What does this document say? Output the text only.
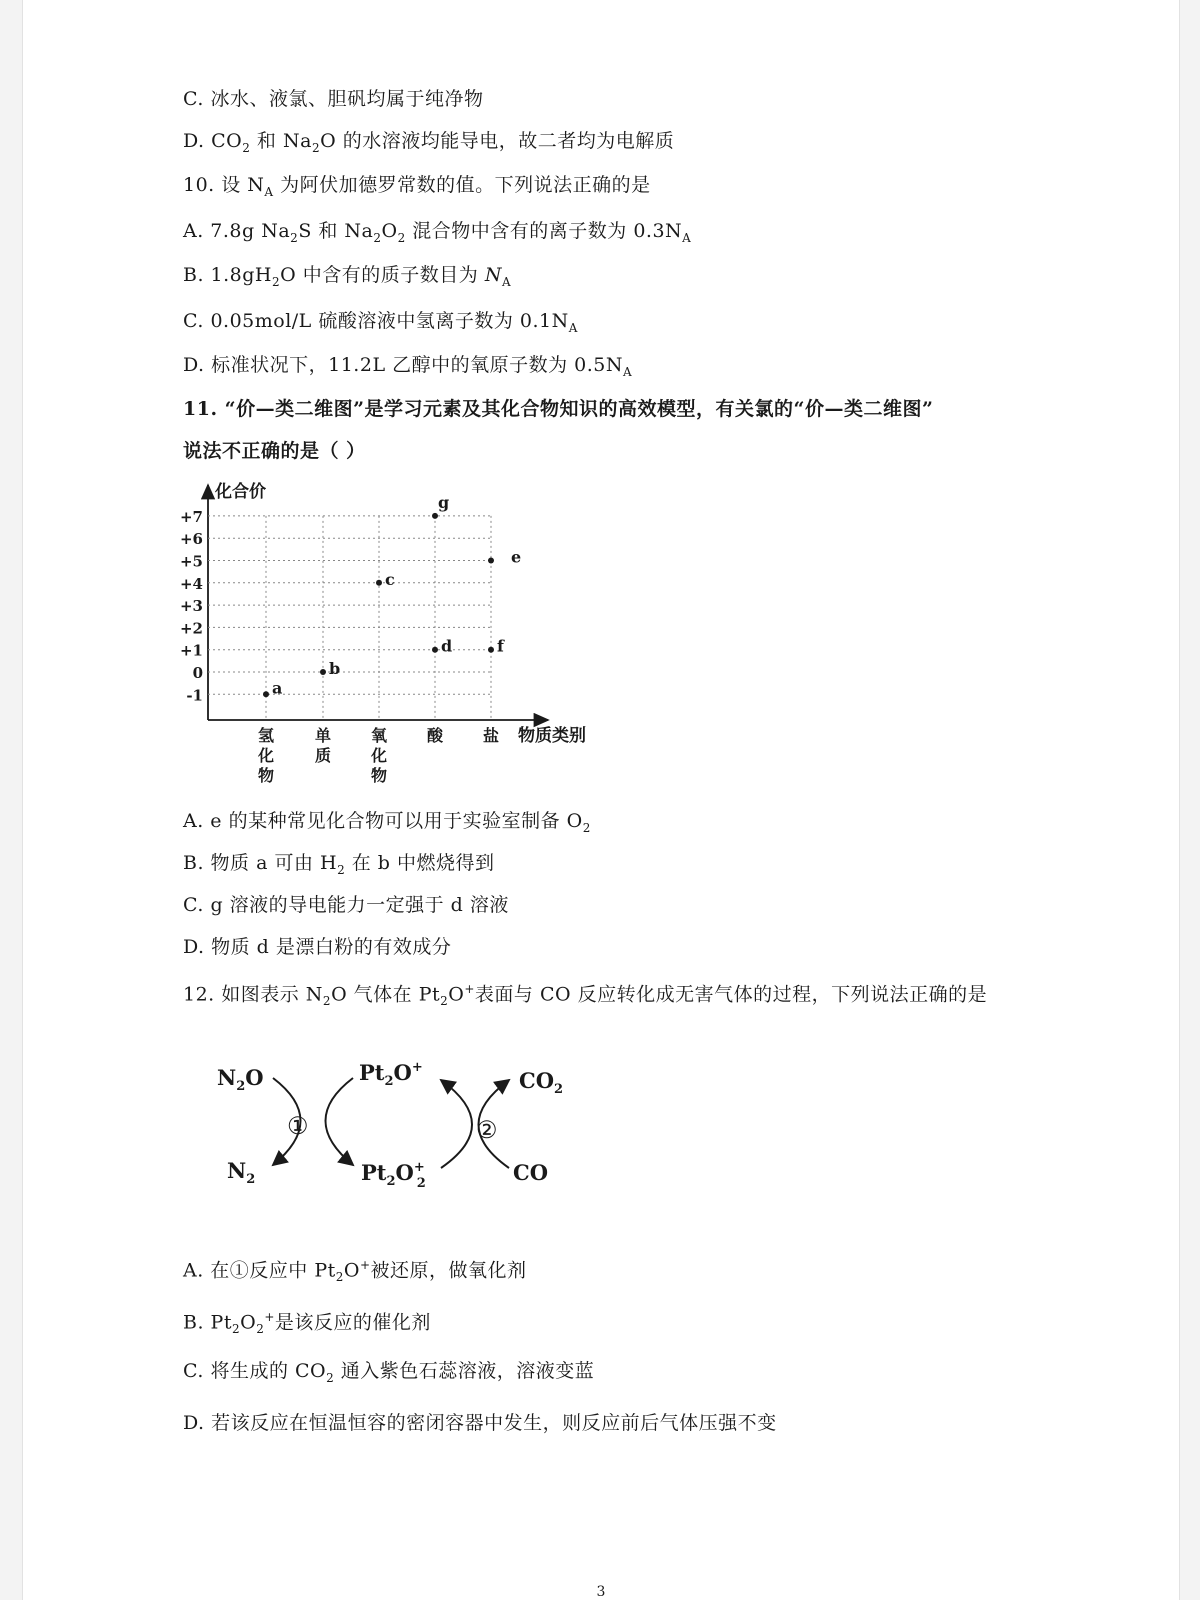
C. 冰水、液氯、胆矾均属于纯净物
D. $CO_2$ 和 $Na_2O$ 的水溶液均能导电，故二者均为电解质
10. 设 $N_A$ 为阿伏加德罗常数的值。下列说法正确的是
A. 7.8g $Na_2S$ 和 $Na_2O_2$ 混合物中含有的离子数为 $0.3N_A$
B. $1.8gH_2O$ 中含有的质子数目为 $N_A$
C. 0.05mol/L 硫酸溶液中氢离子数为 $0.1N_A$
D. 标准状况下，11.2L 乙醇中的氧原子数为 $0.5N_A$
11. “价—类二维图”是学习元素及其化合物知识的高效模型，有关氯的“价—类二维图”
说法不正确的是（ ）
化合价
物质类别
+7
+6
+5
+4
+3
+2
+1
0
-1
氢化物
单质
氧化物
酸 盐
a
b
c
d
g
e
f
A. e 的某种常见化合物可以用于实验室制备 $O_2$
B. 物质 a 可由 $H_2$ 在 b 中燃烧得到
C. g 溶液的导电能力一定强于 d 溶液
D. 物质 d 是漂白粉的有效成分
12. 如图表示 $N_2O$ 气体在 $Pt_2O^+$表面与 CO 反应转化成无害气体的过程，下列说法正确的是
①	②
$N_2O$	$Pt_2O^+$
$CO_2$
$N_2$	$Pt_2O^+$ 2	CO
A. 在①反应中 $Pt_2O^+$被还原，做氧化剂
B. $Pt_2O_2^+$是该反应的催化剂
C. 将生成的 $CO_2$ 通入紫色石蕊溶液，溶液变蓝
D. 若该反应在恒温恒容的密闭容器中发生，则反应前后气体压强不变
3
